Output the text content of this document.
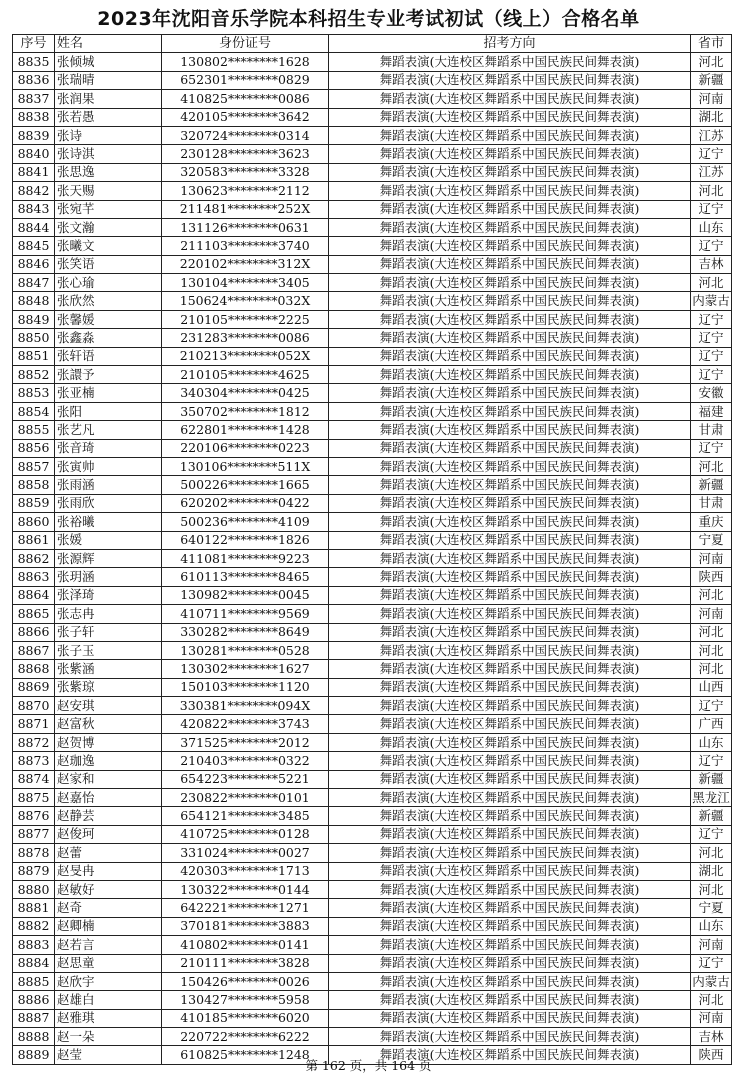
2023年沈阳音乐学院本科招生专业考试初试（线上）合格名单
序号	姓名	身份证号	招考方向	省市
8835	张倾城	130802********1628	舞蹈表演(大连校区舞蹈系中国民族民间舞表演)	河北
8836	张瑞晴	652301********0829	舞蹈表演(大连校区舞蹈系中国民族民间舞表演)	新疆
8837	张润果	410825********0086	舞蹈表演(大连校区舞蹈系中国民族民间舞表演)	河南
8838	张若愚	420105********3642	舞蹈表演(大连校区舞蹈系中国民族民间舞表演)	湖北
8839	张诗	320724********0314	舞蹈表演(大连校区舞蹈系中国民族民间舞表演)	江苏
8840	张诗淇	230128********3623	舞蹈表演(大连校区舞蹈系中国民族民间舞表演)	辽宁
8841	张思逸	320583********3328	舞蹈表演(大连校区舞蹈系中国民族民间舞表演)	江苏
8842	张天赐	130623********2112	舞蹈表演(大连校区舞蹈系中国民族民间舞表演)	河北
8843	张宛芊	211481********252X	舞蹈表演(大连校区舞蹈系中国民族民间舞表演)	辽宁
8844	张文瀚	131126********0631	舞蹈表演(大连校区舞蹈系中国民族民间舞表演)	山东
8845	张曦文	211103********3740	舞蹈表演(大连校区舞蹈系中国民族民间舞表演)	辽宁
8846	张笑语	220102********312X	舞蹈表演(大连校区舞蹈系中国民族民间舞表演)	吉林
8847	张心瑜	130104********3405	舞蹈表演(大连校区舞蹈系中国民族民间舞表演)	河北
8848	张欣然	150624********032X	舞蹈表演(大连校区舞蹈系中国民族民间舞表演)	内蒙古
8849	张馨媛	210105********2225	舞蹈表演(大连校区舞蹈系中国民族民间舞表演)	辽宁
8850	张鑫淼	231283********0086	舞蹈表演(大连校区舞蹈系中国民族民间舞表演)	辽宁
8851	张轩语	210213********052X	舞蹈表演(大连校区舞蹈系中国民族民间舞表演)	辽宁
8852	张譞予	210105********4625	舞蹈表演(大连校区舞蹈系中国民族民间舞表演)	辽宁
8853	张亚楠	340304********0425	舞蹈表演(大连校区舞蹈系中国民族民间舞表演)	安徽
8854	张阳	350702********1812	舞蹈表演(大连校区舞蹈系中国民族民间舞表演)	福建
8855	张艺凡	622801********1428	舞蹈表演(大连校区舞蹈系中国民族民间舞表演)	甘肃
8856	张音琦	220106********0223	舞蹈表演(大连校区舞蹈系中国民族民间舞表演)	辽宁
8857	张寅帅	130106********511X	舞蹈表演(大连校区舞蹈系中国民族民间舞表演)	河北
8858	张雨涵	500226********1665	舞蹈表演(大连校区舞蹈系中国民族民间舞表演)	新疆
8859	张雨欣	620202********0422	舞蹈表演(大连校区舞蹈系中国民族民间舞表演)	甘肃
8860	张裕曦	500236********4109	舞蹈表演(大连校区舞蹈系中国民族民间舞表演)	重庆
8861	张媛	640122********1826	舞蹈表演(大连校区舞蹈系中国民族民间舞表演)	宁夏
8862	张源辉	411081********9223	舞蹈表演(大连校区舞蹈系中国民族民间舞表演)	河南
8863	张玥涵	610113********8465	舞蹈表演(大连校区舞蹈系中国民族民间舞表演)	陕西
8864	张泽琦	130982********0045	舞蹈表演(大连校区舞蹈系中国民族民间舞表演)	河北
8865	张志冉	410711********9569	舞蹈表演(大连校区舞蹈系中国民族民间舞表演)	河南
8866	张子轩	330282********8649	舞蹈表演(大连校区舞蹈系中国民族民间舞表演)	河北
8867	张子玉	130281********0528	舞蹈表演(大连校区舞蹈系中国民族民间舞表演)	河北
8868	张紫涵	130302********1627	舞蹈表演(大连校区舞蹈系中国民族民间舞表演)	河北
8869	张紫琼	150103********1120	舞蹈表演(大连校区舞蹈系中国民族民间舞表演)	山西
8870	赵安琪	330381********094X	舞蹈表演(大连校区舞蹈系中国民族民间舞表演)	辽宁
8871	赵富秋	420822********3743	舞蹈表演(大连校区舞蹈系中国民族民间舞表演)	广西
8872	赵贺博	371525********2012	舞蹈表演(大连校区舞蹈系中国民族民间舞表演)	山东
8873	赵珈逸	210403********0322	舞蹈表演(大连校区舞蹈系中国民族民间舞表演)	辽宁
8874	赵家和	654223********5221	舞蹈表演(大连校区舞蹈系中国民族民间舞表演)	新疆
8875	赵嘉怡	230822********0101	舞蹈表演(大连校区舞蹈系中国民族民间舞表演)	黑龙江
8876	赵静芸	654121********3485	舞蹈表演(大连校区舞蹈系中国民族民间舞表演)	新疆
8877	赵俊珂	410725********0128	舞蹈表演(大连校区舞蹈系中国民族民间舞表演)	辽宁
8878	赵蕾	331024********0027	舞蹈表演(大连校区舞蹈系中国民族民间舞表演)	河北
8879	赵旻冉	420303********1713	舞蹈表演(大连校区舞蹈系中国民族民间舞表演)	湖北
8880	赵敏好	130322********0144	舞蹈表演(大连校区舞蹈系中国民族民间舞表演)	河北
8881	赵奇	642221********1271	舞蹈表演(大连校区舞蹈系中国民族民间舞表演)	宁夏
8882	赵卿楠	370181********3883	舞蹈表演(大连校区舞蹈系中国民族民间舞表演)	山东
8883	赵若言	410802********0141	舞蹈表演(大连校区舞蹈系中国民族民间舞表演)	河南
8884	赵思童	210111********3828	舞蹈表演(大连校区舞蹈系中国民族民间舞表演)	辽宁
8885	赵欣宇	150426********0026	舞蹈表演(大连校区舞蹈系中国民族民间舞表演)	内蒙古
8886	赵雄白	130427********5958	舞蹈表演(大连校区舞蹈系中国民族民间舞表演)	河北
8887	赵雅琪	410185********6020	舞蹈表演(大连校区舞蹈系中国民族民间舞表演)	河南
8888	赵一朵	220722********6222	舞蹈表演(大连校区舞蹈系中国民族民间舞表演)	吉林
8889	赵莹	610825********1248	舞蹈表演(大连校区舞蹈系中国民族民间舞表演)	陕西
第 162 页，共 164 页
